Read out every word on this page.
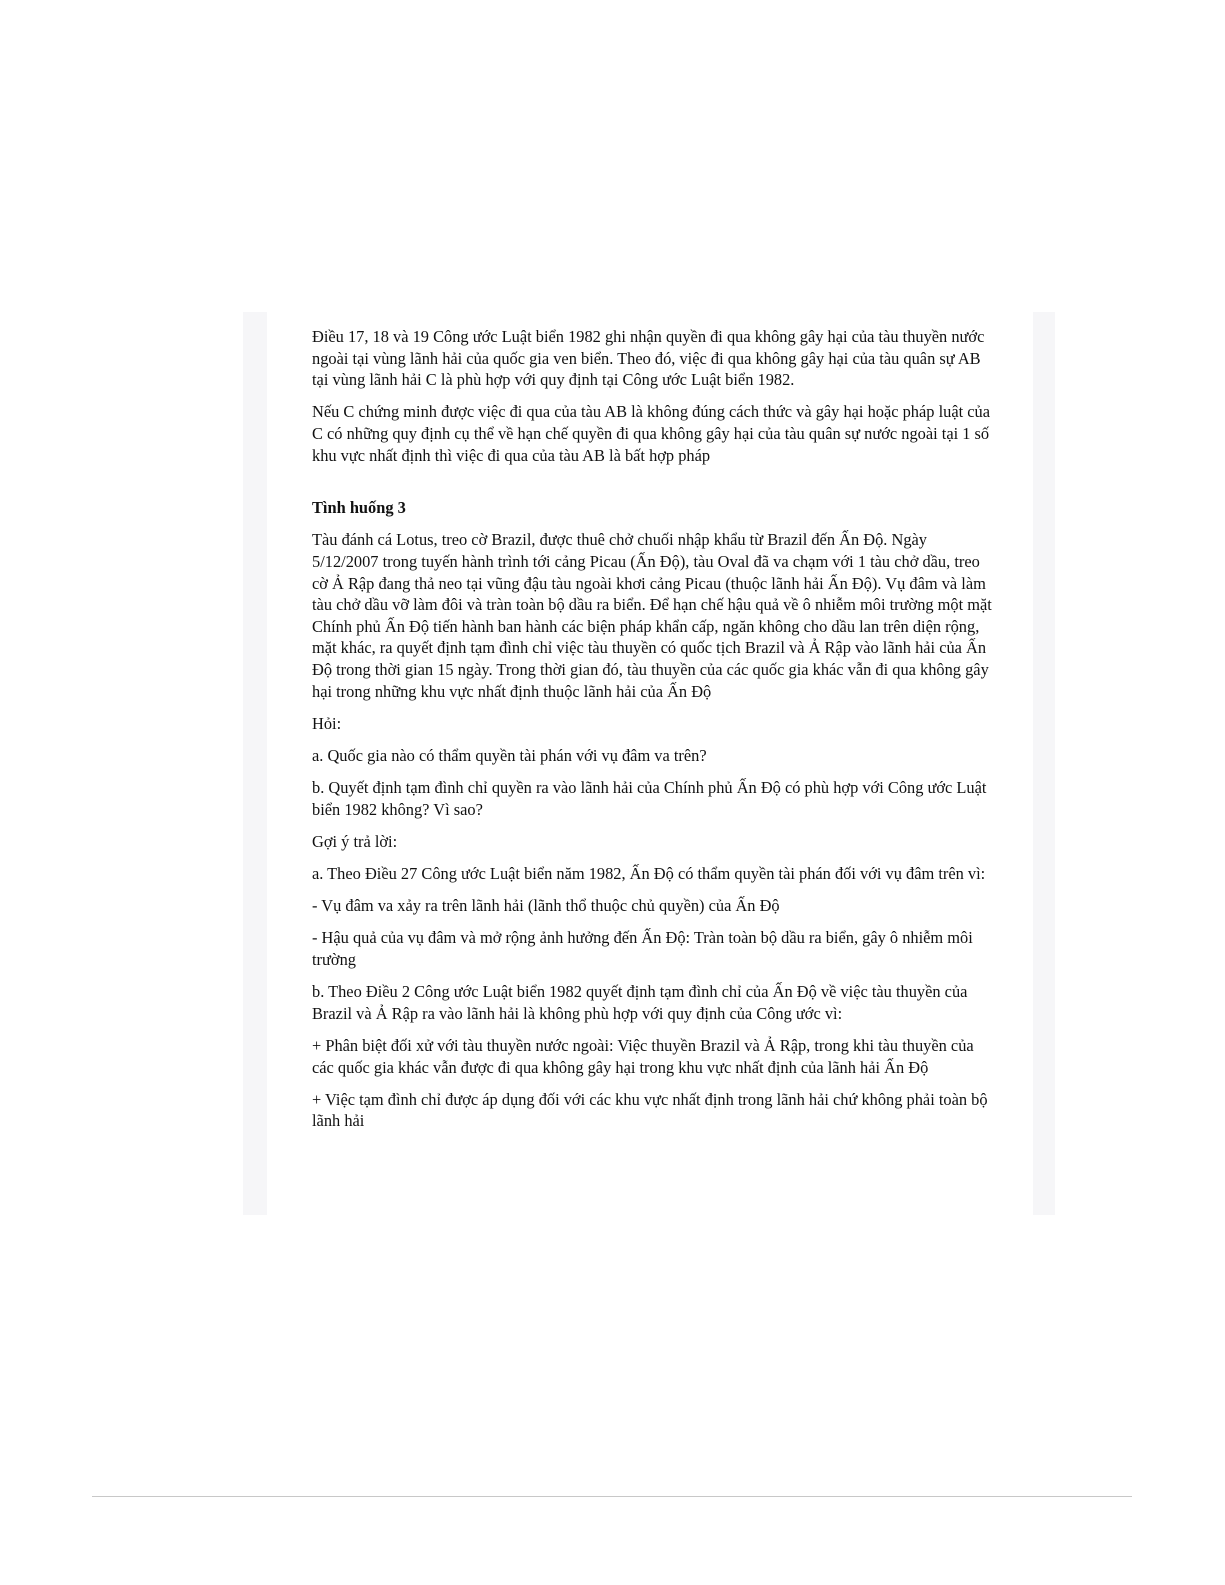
Điều 17, 18 và 19 Công ước Luật biển 1982 ghi nhận quyền đi qua không gây hại của tàu thuyền nước ngoài tại vùng lãnh hải của quốc gia ven biển. Theo đó, việc đi qua không gây hại của tàu quân sự AB tại vùng lãnh hải C là phù hợp với quy định tại Công ước Luật biển 1982.

Nếu C chứng minh được việc đi qua của tàu AB là không đúng cách thức và gây hại hoặc pháp luật của C có những quy định cụ thể về hạn chế quyền đi qua không gây hại của tàu quân sự nước ngoài tại 1 số khu vực nhất định thì việc đi qua của tàu AB là bất hợp pháp

Tình huống 3

Tàu đánh cá Lotus, treo cờ Brazil, được thuê chở chuối nhập khẩu từ Brazil đến Ấn Độ. Ngày 5/12/2007 trong tuyến hành trình tới cảng Picau (Ấn Độ), tàu Oval đã va chạm với 1 tàu chở dầu, treo cờ Ả Rập đang thả neo tại vũng đậu tàu ngoài khơi cảng Picau (thuộc lãnh hải Ấn Độ). Vụ đâm và làm tàu chở dầu vỡ làm đôi và tràn toàn bộ dầu ra biển. Để hạn chế hậu quả về ô nhiễm môi trường một mặt Chính phủ Ấn Độ tiến hành ban hành các biện pháp khẩn cấp, ngăn không cho dầu lan trên diện rộng, mặt khác, ra quyết định tạm đình chỉ việc tàu thuyền có quốc tịch Brazil và Ả Rập vào lãnh hải của Ấn Độ trong thời gian 15 ngày. Trong thời gian đó, tàu thuyền của các quốc gia khác vẫn đi qua không gây hại trong những khu vực nhất định thuộc lãnh hải của Ấn Độ

Hỏi:

a. Quốc gia nào có thẩm quyền tài phán với vụ đâm va trên?

b. Quyết định tạm đình chỉ quyền ra vào lãnh hải của Chính phủ Ấn Độ có phù hợp với Công ước Luật biển 1982 không? Vì sao?

Gợi ý trả lời:

a. Theo Điều 27 Công ước Luật biển năm 1982, Ấn Độ có thẩm quyền tài phán đối với vụ đâm trên vì:

- Vụ đâm va xảy ra trên lãnh hải (lãnh thổ thuộc chủ quyền) của Ấn Độ

- Hậu quả của vụ đâm và mở rộng ảnh hưởng đến Ấn Độ: Tràn toàn bộ dầu ra biển, gây ô nhiễm môi trường

b. Theo Điều 2 Công ước Luật biển 1982 quyết định tạm đình chỉ của Ấn Độ về việc tàu thuyền của Brazil và Ả Rập ra vào lãnh hải là không phù hợp với quy định của Công ước vì:

+ Phân biệt đối xử với tàu thuyền nước ngoài: Việc thuyền Brazil và Ả Rập, trong khi tàu thuyền của các quốc gia khác vẫn được đi qua không gây hại trong khu vực nhất định của lãnh hải Ấn Độ

+ Việc tạm đình chỉ được áp dụng đối với các khu vực nhất định trong lãnh hải chứ không phải toàn bộ lãnh hải
